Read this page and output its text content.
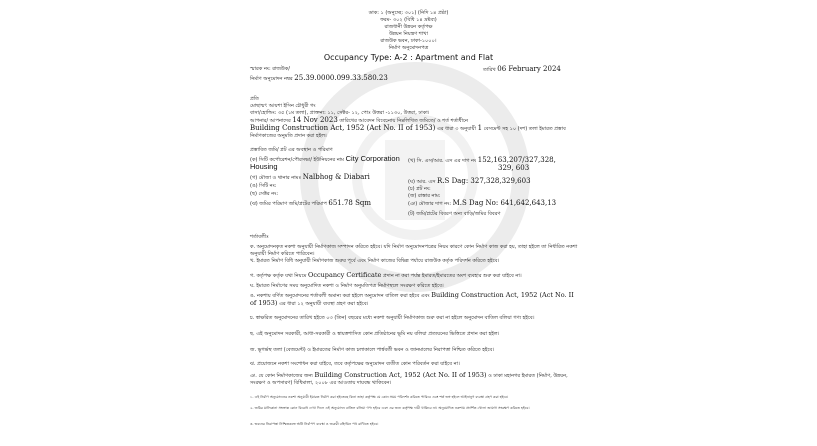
ডাক: ১ (অনুচ্ছে: ৩০১) (নিদি ১৪ প্রষ্ঠা)
ফরম- ৩০২ (বিধি ১৪ দ্রষ্টব্য)
রাজধানী উন্নয়ন কর্তৃপক্ষ
উন্নয়ন নিয়ন্ত্রণ শাখা
রাজউক ভবন, ঢাকা-১০০০।
নির্মাণ অনুমোদনপত্র
Occupancy Type: A-2 : Apartment and Flat
স্মারক নং: রাজউক/	তারিখ 06 February 2024
নির্মাণ অনুমোদন নম্বর 25.39.0000.099.33.580.23
প্রতি
মোছাম্মৎ আয়শা ইসিন চৌধুরী গং
বাসা/হোল্ডিং: ৩৫ (১ম তলা), প্রাক্তন্য: ১১, সেক্টর- ১২, পোঃ উত্তরা -১১৩০, উত্তরা, ঢাকা।
আপনার/ আপনাদের 14 Nov 2023 তারিখের আবেদন বিবেচনায় নিম্নলিখিত জমিতে/ ও শর্ত শর্তাধীনে
Building Construction Act, 1952 (Act No. II of 1953) এর ধারা ৩ অনুযায়ী 1 বেসমেন্ট সহ ১০ (দশ) তলা ইমারত প্রস্তাব
নির্মাণকাজের অনুমতি প্রদান করা হইল।
প্রস্তাবিত জমি/ প্লট এর অবস্থান ও পরিমাণ
(ক) সিটি কর্পোরেশন/পৌরসভা/ ইউনিয়নের নাম City Corporation
Housing
(খ) সি. এস/আর. এস এর দাগ নং 152,163,207/327,328,
329, 603
(গ) মৌজা ও থানার নামঃ Nalbhog & Diabari
(ঘ) আর. এস R.S Dag: 327,328,329,603
(ঙ) সিটি নং:	(চ) প্লট নং:
(ছ) সেক্টর নং:	(জ) রাস্তার নাম:
(ঝ) জমির পরিমাণ জমি/প্লটের পরিমাপ 651.78 Sqm	(ঞ) মৌজার দাগ নং: M.S Dag No: 641,642,643,13
(ট) জমি/প্লটের বিবরণ অন্য বাড়ি/জমির বিবরণ
শর্তাবলীঃ
ক. অনুমোদনকৃত নকশা অনুযায়ী নির্মাণকাজ সম্পাদন করিতে হইবে। যদি নির্মাণ অনুমোদনপত্রের নিয়ম কারণে কোন নির্মাণ কাজ করা হয়, তাহা হইলে তা নির্ধারিত নকশা অনুযায়ী নির্মাণ করিতে পারিবেন।
খ. ইমারত নির্মাণ বিধি অনুযায়ী নির্মাণকাজ শুরুর পূর্বে এবং নির্মাণ কাজের বিভিন্ন পর্যায়ে রাজউক কর্তৃক পরিদর্শন করিতে হইবে।
গ. কর্তৃপক্ষ কর্তৃক যথা নিয়মে Occupancy Certificate প্রদান না করা পর্যন্ত ইমারত/ইমারতের অংশ ব্যবহার শুরু করা যাইবে না।
ঘ. ইমারত নির্মাণের সময় অনুমোদিত নকশা ও নির্মাণ অনুমতিপত্র নির্মাণস্থলে সংরক্ষণ করিতে হইবে।
ঙ. নকশায় বর্ণিত অনুমোদনের শর্তাবলী অমান্য করা হইলে অনুমোদন বাতিল করা হইবে এবং Building Construction Act, 1952 (Act No. II of 1953) এর ধারা ১২ অনুযায়ী ব্যবস্থা গ্রহণ করা হইবে।
চ. স্বাক্ষরিত অনুমোদনের তারিখ হইতে ০৩ (তিন) বছরের মধ্যে নকশা অনুযায়ী নির্মাণকাজ শুরু করা না হইলে অনুমোদন বাতিল বলিয়া গণ্য হইবে।
ছ. এই অনুমোদন সরকারী, আধা-সরকারী ও স্বায়ত্তশাসিত কোন প্রতিষ্ঠানের ভূমি নয় বলিয়া প্রত্যয়নের ভিত্তিতে প্রদান করা হইল।
জ. ভূগর্ভস্থ তলা (বেজমেন্ট) ও ইমারতের নির্মাণ কাজ চলাকালে পার্শ্ববর্তী ভবন ও জানমালের নিরাপত্তা নিশ্চিত করিতে হইবে।
ঝ. প্রয়োজনে নকশা সংশোধন করা যাইবে, তবে কর্তৃপক্ষের অনুমোদন ব্যতীত কোন পরিবর্তন করা যাইবে না।
ঞ. যে কোন নির্মাণকাজের জন্য Building Construction Act, 1952 (Act No. II of 1953) ও ঢাকা মহানগর ইমারত (নির্মাণ, উন্নয়ন, সংরক্ষণ ও অপসারণ) বিধিমালা, ২০০৮ এর আওতায় দায়বদ্ধ থাকিবেন।
১. এই নির্মাণ অনুমোদনের নকশা অনুযায়ী ইমারত নির্মাণ করা হইতেছে কিনা তাহা কর্তৃপক্ষ যে কোন সময় পরিদর্শন করিতে পারিবে এবং শর্ত ভঙ্গ হইলে আইনানুগ ব্যবস্থা গ্রহণ করা হইবে।
২. জমির মালিকানা সংক্রান্ত কোন বিরোধ দেখা দিলে এই অনুমোদন বাতিল বলিয়া গণ্য হইবে এবং এর জন্য কর্তৃপক্ষ দায়ী থাকিবে না। অনুমোদিত নকশায় প্রদর্শিত খোলা জায়গা সংরক্ষণ করিতে হইবে।
৩. ভবনের নিরাপত্তা নিশ্চিতকল্পে অগ্নি নির্বাপণ ব্যবস্থা ও জরুরী বহির্গমন পথ রাখিতে হইবে।
